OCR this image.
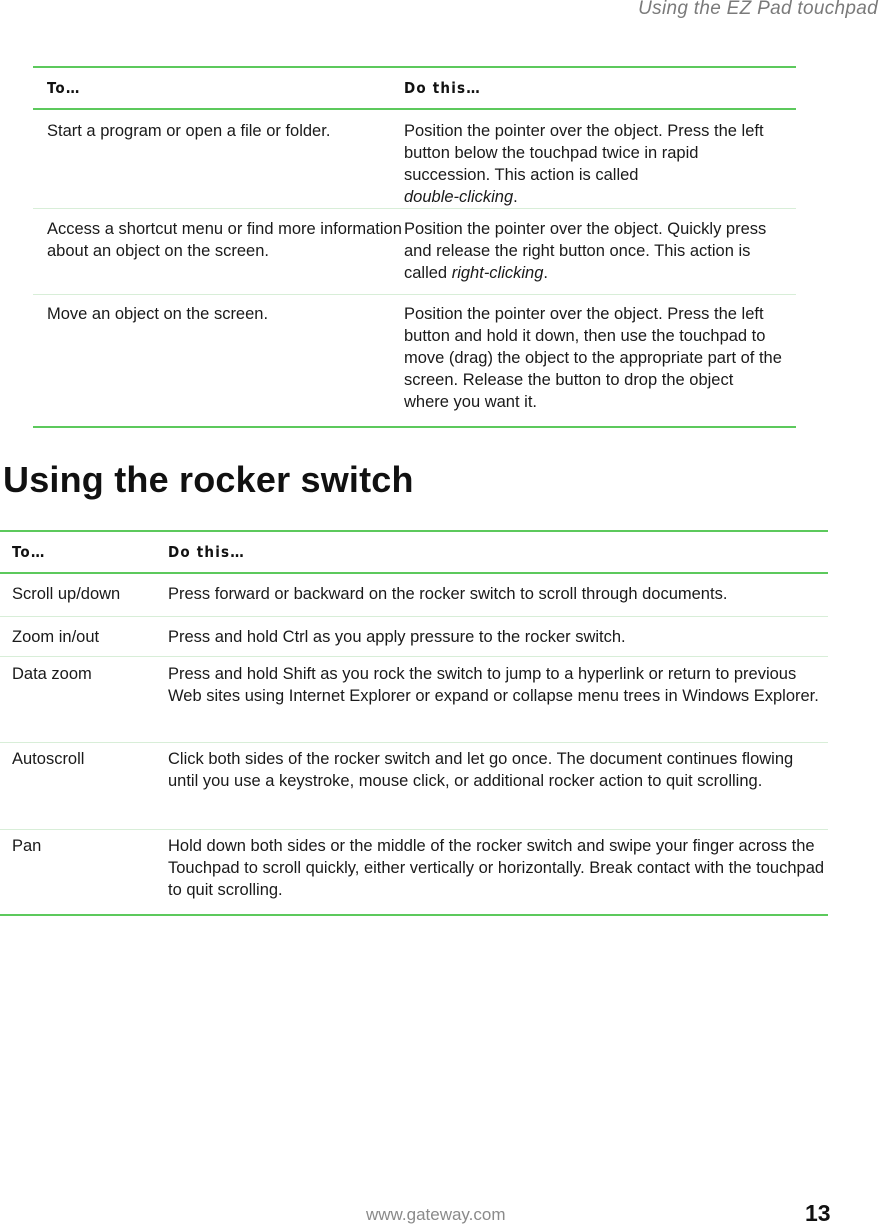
Using the EZ Pad touchpad
To…	Do this…
Start a program or open a file or folder.	Position the pointer over the object. Press the left button below the touchpad twice in rapid succession. This action is called
double-clicking.
Access a shortcut menu or find more information about an object on the screen.	Position the pointer over the object. Quickly press and release the right button once. This action is called right-clicking.
Move an object on the screen.	Position the pointer over the object. Press the left button and hold it down, then use the touchpad to move (drag) the object to the appropriate part of the screen. Release the button to drop the object where you want it.
Using the rocker switch
To…	Do this…
Scroll up/down	Press forward or backward on the rocker switch to scroll through documents.
Zoom in/out	Press and hold Ctrl as you apply pressure to the rocker switch.
Data zoom	Press and hold Shift as you rock the switch to jump to a hyperlink or return to previous Web sites using Internet Explorer or expand or collapse menu trees in Windows Explorer.
Autoscroll	Click both sides of the rocker switch and let go once. The document continues flowing until you use a keystroke, mouse click, or additional rocker action to quit scrolling.
Pan	Hold down both sides or the middle of the rocker switch and swipe your finger across the Touchpad to scroll quickly, either vertically or horizontally. Break contact with the touchpad to quit scrolling.
www.gateway.com	13
